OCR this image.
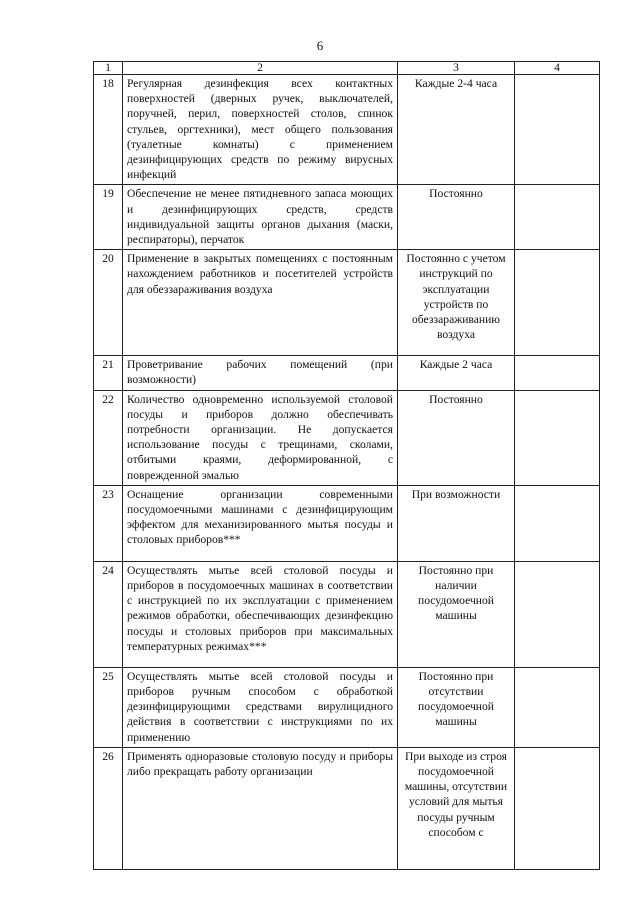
6
1	2	3	4
18	Регулярная дезинфекция всех контактных поверхностей (дверных ручек, выключателей, поручней, перил, поверхностей столов, спинок стульев, оргтехники), мест общего пользования (туалетные комнаты) с применением дезинфицирующих средств по режиму вирусных инфекций	Каждые 2-4 часа	
19	Обеспечение не менее пятидневного запаса моющих и дезинфицирующих средств, средств индивидуальной защиты органов дыхания (маски, респираторы), перчаток	Постоянно	
20	Применение в закрытых помещениях с постоянным нахождением работников и посетителей устройств для обеззараживания воздуха	Постоянно с учетом инструкций по эксплуатации устройств по обеззараживанию воздуха	
21	Проветривание рабочих помещений (при возможности)	Каждые 2 часа	
22	Количество одновременно используемой столовой посуды и приборов должно обеспечивать потребности организации. Не допускается использование посуды с трещинами, сколами, отбитыми краями, деформированной, с поврежденной эмалью	Постоянно	
23	Оснащение организации современными посудомоечными машинами с дезинфицирующим эффектом для механизированного мытья посуды и столовых приборов***	При возможности	
24	Осуществлять мытье всей столовой посуды и приборов в посудомоечных машинах в соответствии с инструкцией по их эксплуатации с применением режимов обработки, обеспечивающих дезинфекцию посуды и столовых приборов при максимальных температурных режимах***	Постоянно при наличии посудомоечной машины	
25	Осуществлять мытье всей столовой посуды и приборов ручным способом с обработкой дезинфицирующими средствами вирулицидного действия в соответствии с инструкциями по их применению	Постоянно при отсутствии посудомоечной машины	
26	Применять одноразовые столовую посуду и приборы либо прекращать работу организации	При выходе из строя посудомоечной машины, отсутствии условий для мытья посуды ручным способом с	
